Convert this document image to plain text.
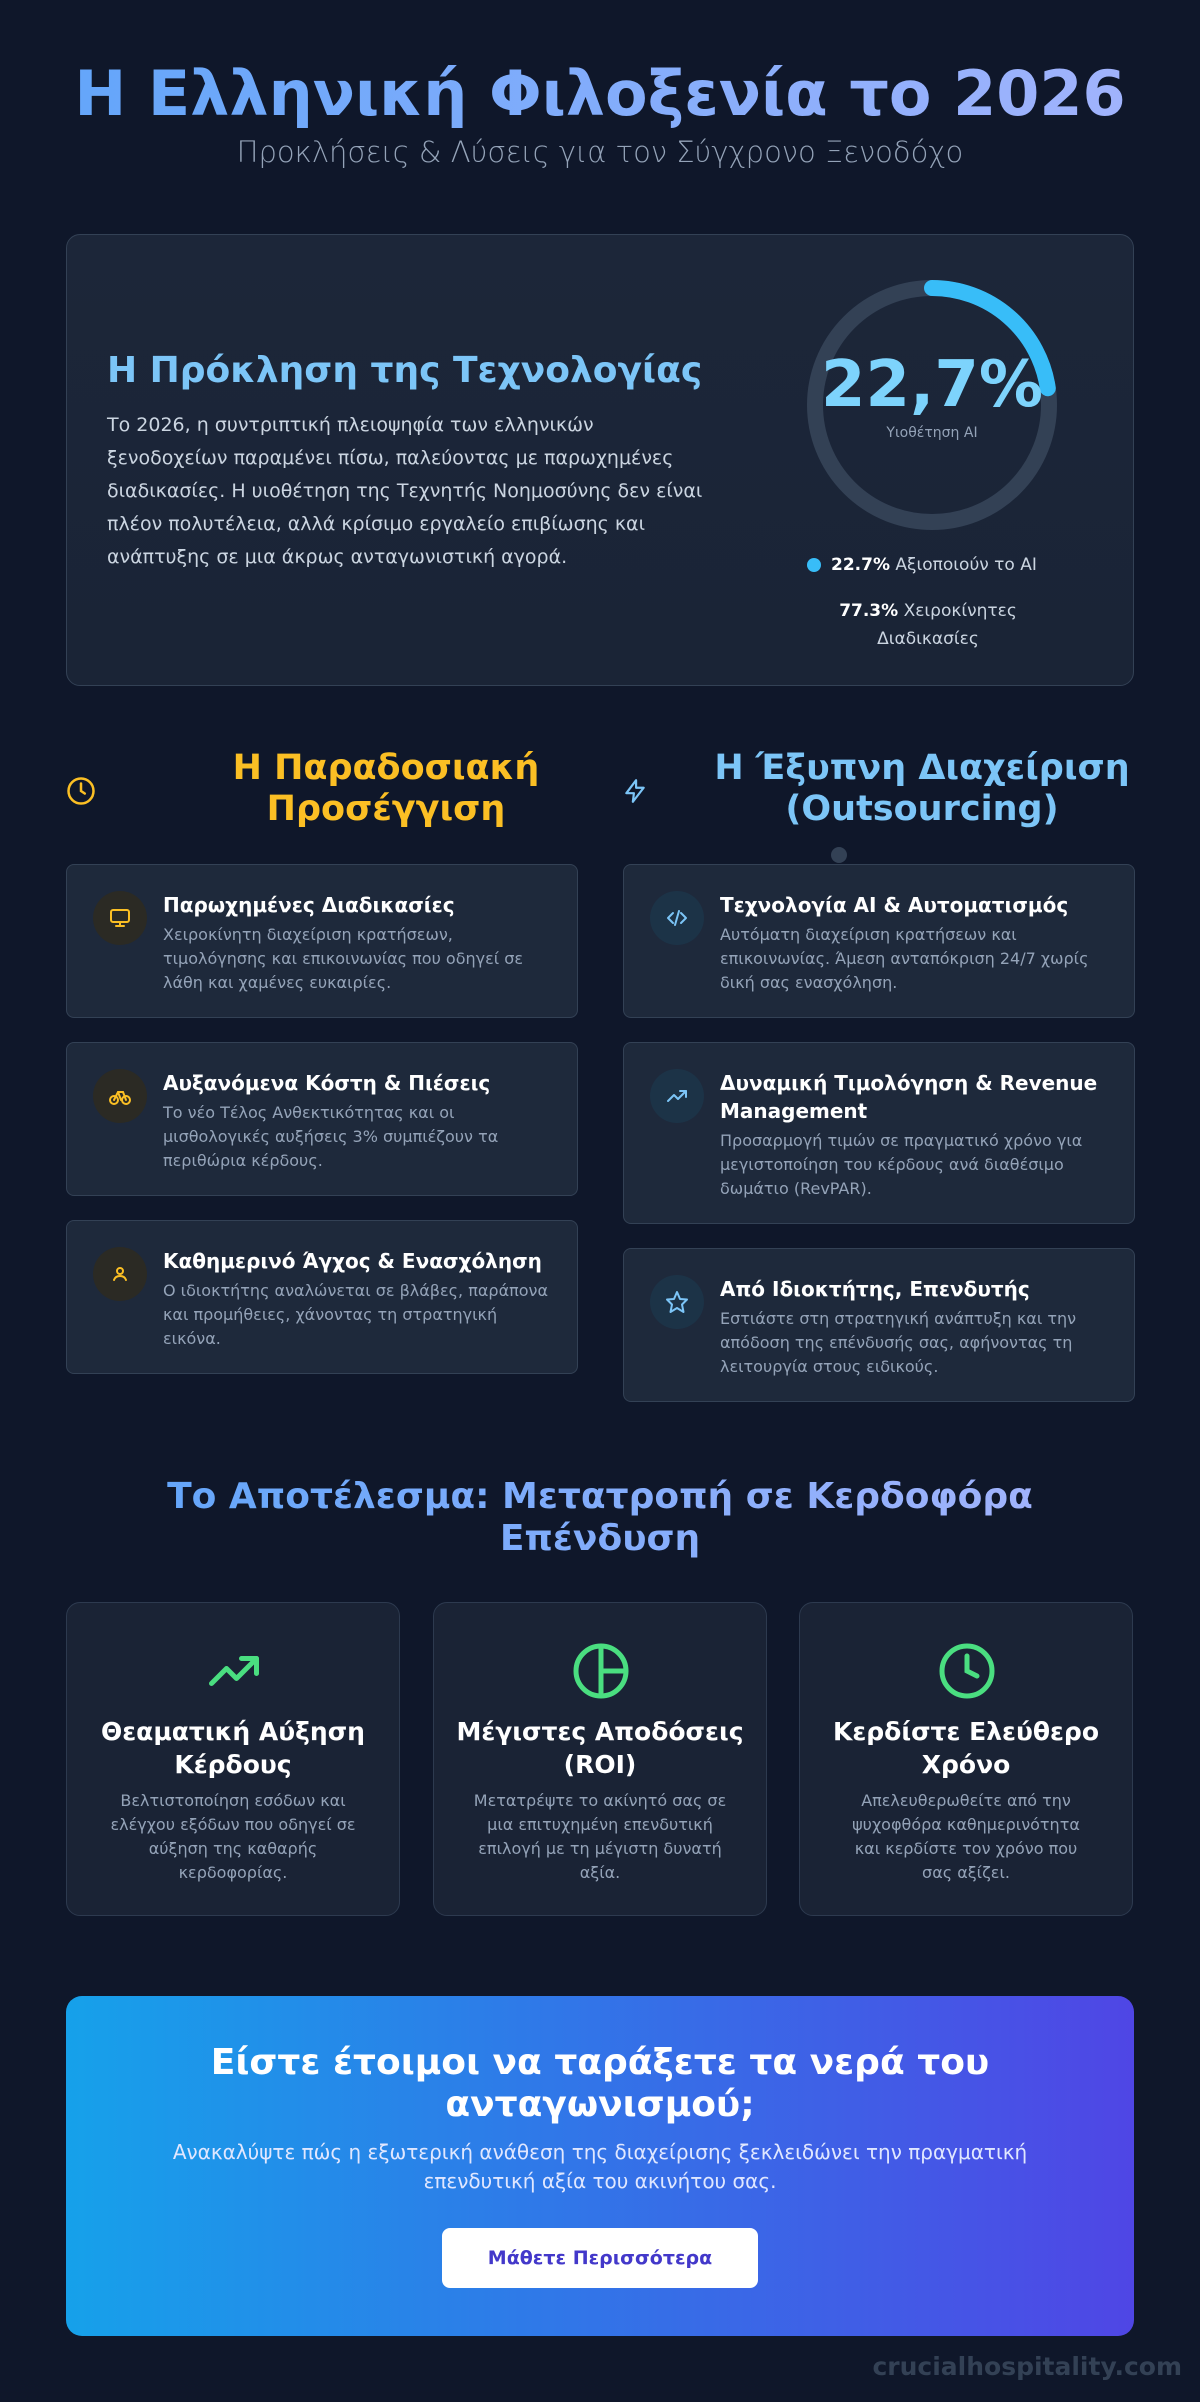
Η Ελληνική Φιλοξενία το 2026
Προκλήσεις & Λύσεις για τον Σύγχρονο Ξενοδόχο
Η Πρόκληση της Τεχνολογίας
Το 2026, η συντριπτική πλειοψηφία των ελληνικών ξενοδοχείων παραμένει πίσω, παλεύοντας με παρωχημένες διαδικασίες. Η υιοθέτηση της Τεχνητής Νοημοσύνης δεν είναι πλέον πολυτέλεια, αλλά κρίσιμο εργαλείο επιβίωσης και ανάπτυξης σε μια άκρως ανταγωνιστική αγορά.
22,7%
Υιοθέτηση AI
22.7% Αξιοποιούν το AI
77.3% Χειροκίνητες Διαδικασίες
Η Παραδοσιακή Προσέγγιση
Η Έξυπνη Διαχείριση (Outsourcing)
Παρωχημένες Διαδικασίες
Χειροκίνητη διαχείριση κρατήσεων, τιμολόγησης και επικοινωνίας που οδηγεί σε λάθη και χαμένες ευκαιρίες.
Αυξανόμενα Κόστη & Πιέσεις
Το νέο Τέλος Ανθεκτικότητας και οι μισθολογικές αυξήσεις 3% συμπιέζουν τα περιθώρια κέρδους.
Καθημερινό Άγχος & Ενασχόληση
Ο ιδιοκτήτης αναλώνεται σε βλάβες, παράπονα και προμήθειες, χάνοντας τη στρατηγική εικόνα.
Τεχνολογία AI & Αυτοματισμός
Αυτόματη διαχείριση κρατήσεων και επικοινωνίας. Άμεση ανταπόκριση 24/7 χωρίς δική σας ενασχόληση.
Δυναμική Τιμολόγηση & Revenue Management
Προσαρμογή τιμών σε πραγματικό χρόνο για μεγιστοποίηση του κέρδους ανά διαθέσιμο δωμάτιο (RevPAR).
Από Ιδιοκτήτης, Επενδυτής
Εστιάστε στη στρατηγική ανάπτυξη και την απόδοση της επένδυσής σας, αφήνοντας τη λειτουργία στους ειδικούς.
Το Αποτέλεσμα: Μετατροπή σε Κερδοφόρα Επένδυση
Θεαματική Αύξηση Κέρδους
Βελτιστοποίηση εσόδων και ελέγχου εξόδων που οδηγεί σε αύξηση της καθαρής κερδοφορίας.
Μέγιστες Αποδόσεις (ROI)
Μετατρέψτε το ακίνητό σας σε μια επιτυχημένη επενδυτική επιλογή με τη μέγιστη δυνατή αξία.
Κερδίστε Ελεύθερο Χρόνο
Απελευθερωθείτε από την ψυχοφθόρα καθημερινότητα και κερδίστε τον χρόνο που σας αξίζει.
Είστε έτοιμοι να ταράξετε τα νερά του ανταγωνισμού;
Ανακαλύψτε πώς η εξωτερική ανάθεση της διαχείρισης ξεκλειδώνει την πραγματική επενδυτική αξία του ακινήτου σας.
Μάθετε Περισσότερα
crucialhospitality.com
